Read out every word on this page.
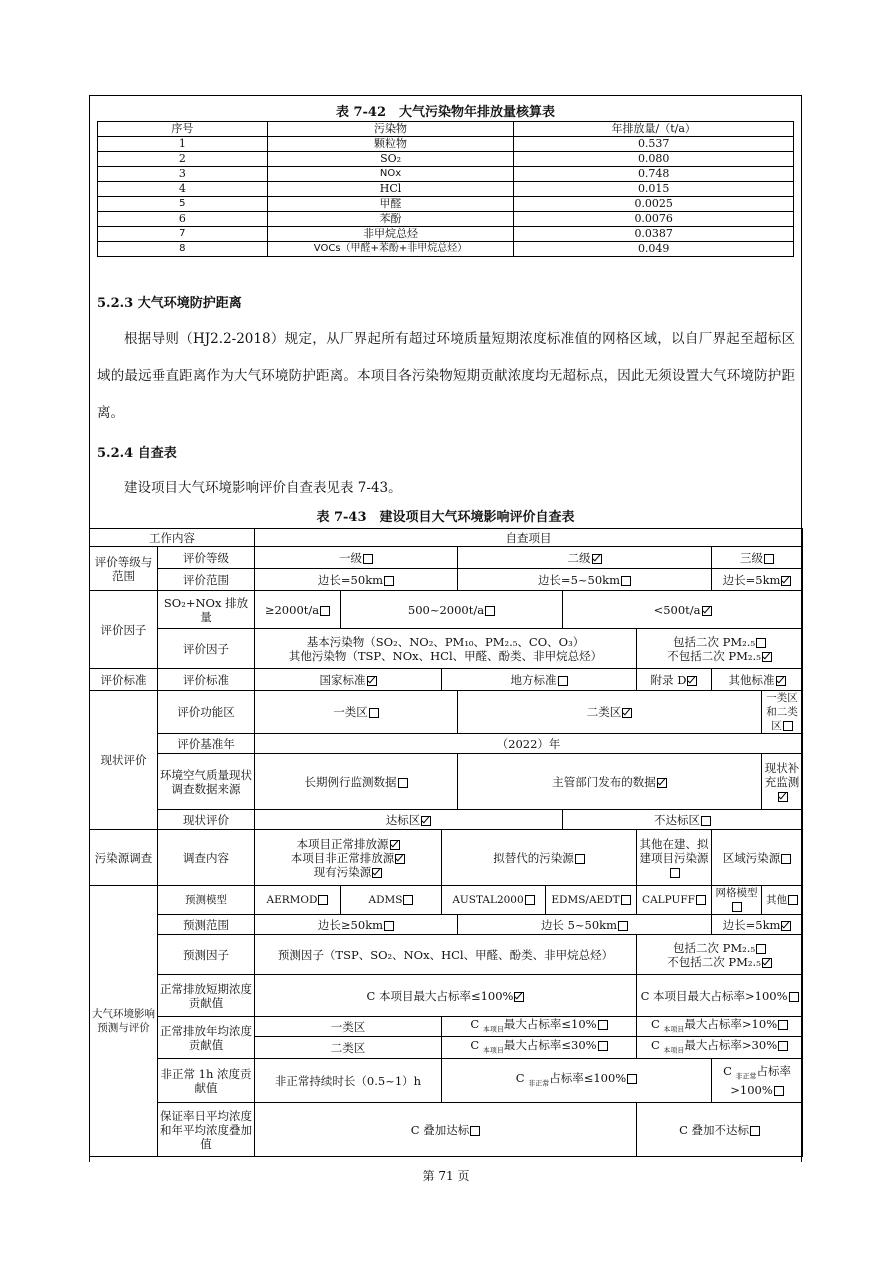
表 7-42　大气污染物年排放量核算表
序号	污染物	年排放量/（t/a）
1	颗粒物	0.537
2	SO₂	0.080
3	NOx	0.748
4	HCl	0.015
5	甲醛	0.0025
6	苯酚	0.0076
7	非甲烷总烃	0.0387
8	VOCs（甲醛+苯酚+非甲烷总烃）	0.049
5.2.3 大气环境防护距离
根据导则（HJ2.2-2018）规定，从厂界起所有超过环境质量短期浓度标准值的网格区域，以自厂界起至超标区域的最远垂直距离作为大气环境防护距离。本项目各污染物短期贡献浓度均无超标点，因此无须设置大气环境防护距离。
5.2.4 自查表
建设项目大气环境影响评价自查表见表 7-43。
表 7-43　建设项目大气环境影响评价自查表
工作内容		自查项目								
评价等级与范围	评价等级	一级			二级				三级	
	评价范围	边长=50km			边长=5~50km				边长=5km	
评价因子	SO₂+NOx 排放量	≥2000t/a	500~2000t/a				<500t/a			
	评价因子	基本污染物（SO₂、NO₂、PM₁₀、PM₂.₅、CO、O₃）
其他污染物（TSP、NOx、HCl、甲醛、酚类、非甲烷总烃）						包括二次 PM₂.₅
不包括二次 PM₂.₅		
评价标准	评价标准	国家标准		地方标准				附录 D	其他标准	
现状评价	评价功能区	一类区			二类区					一类区和二类区
	评价基准年	（2022）年								
	环境空气质量现状调查数据来源	长期例行监测数据			主管部门发布的数据					现状补充监测
	现状评价	达标区					不达标区			
污染源调查	调查内容	本项目正常排放源
本项目非正常排放源
现有污染源		拟替代的污染源				其他在建、拟建项目污染源	区域污染源	
大气环境影响预测与评价	预测模型	AERMOD	ADMS	AUSTAL2000		EDMS/AEDT		CALPUFF	网格模型	其他
	预测范围	边长≥50km			边长 5~50km				边长=5km	
	预测因子	预测因子（TSP、SO₂、NOx、HCl、甲醛、酚类、非甲烷总烃）						包括二次 PM₂.₅
不包括二次 PM₂.₅		
	正常排放短期浓度贡献值	C 本项目最大占标率≤100%						C 本项目最大占标率>100%		
	正常排放年均浓度贡献值	一类区		C $_{本项目}$最大占标率≤10%				C $_{本项目}$最大占标率>10%		
		二类区		C $_{本项目}$最大占标率≤30%				C $_{本项目}$最大占标率>30%		
	非正常 1h 浓度贡献值	非正常持续时长（0.5~1）h		C $_{非正常}$占标率≤100%					C $_{非正常}$占标率>100%	
	保证率日平均浓度和年平均浓度叠加值	C 叠加达标						C 叠加不达标		
第 71 页
